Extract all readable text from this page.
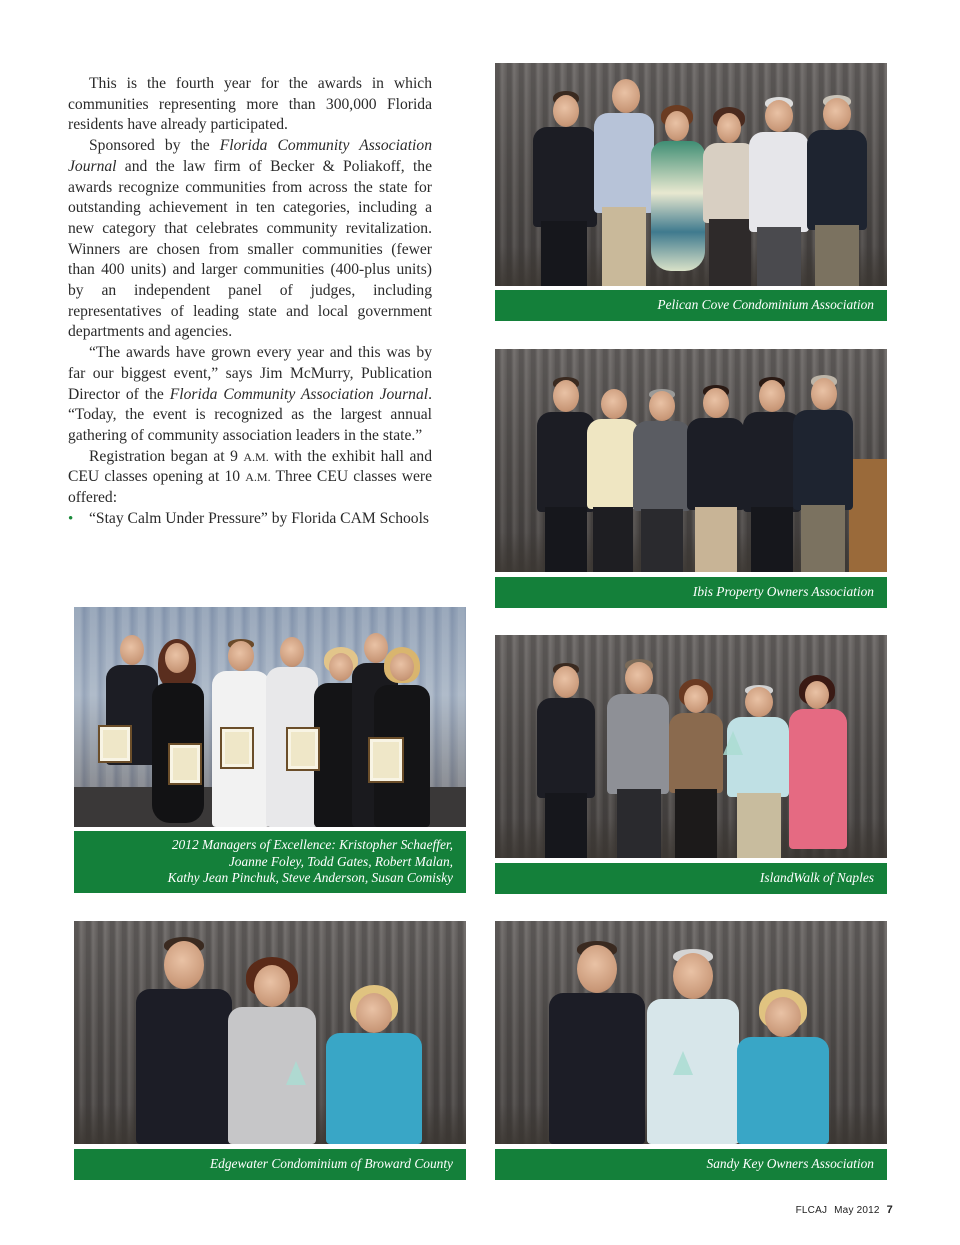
This is the fourth year for the awards in which communities representing more than 300,000 Florida residents have already participated.

Sponsored by the Florida Community Association Journal and the law firm of Becker & Poliakoff, the awards recognize communities from across the state for outstanding achievement in ten categories, including a new category that celebrates community revitalization. Winners are chosen from smaller communities (fewer than 400 units) and larger communities (400-plus units) by an independent panel of judges, including representatives of leading state and local government departments and agencies.

“The awards have grown every year and this was by far our biggest event,” says Jim McMurry, Publication Director of the Florida Community Association Journal. “Today, the event is recognized as the largest annual gathering of community association leaders in the state.”

Registration began at 9 A.M. with the exhibit hall and CEU classes opening at 10 A.M. Three CEU classes were offered:

• “Stay Calm Under Pressure” by Florida CAM Schools
Pelican Cove Condominium Association
Ibis Property Owners Association
2012 Managers of Excellence: Kristopher Schaeffer,
Joanne Foley, Todd Gates, Robert Malan,
Kathy Jean Pinchuk, Steve Anderson, Susan Comisky	IslandWalk of Naples
Edgewater Condominium of Broward County	Sandy Key Owners Association
FLCAJ May 2012 7
